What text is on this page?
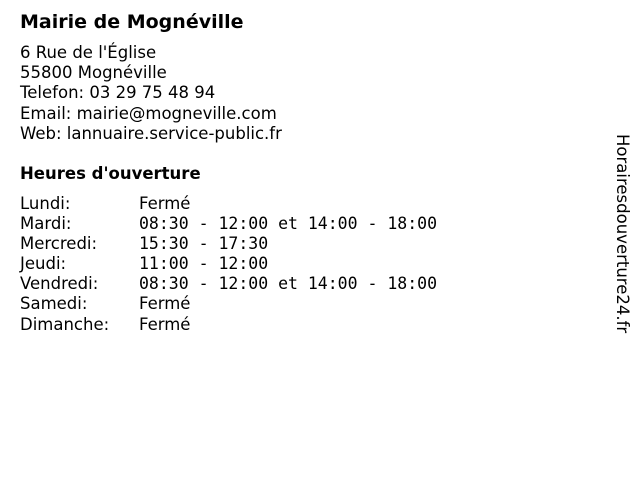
Mairie de Mognéville
6 Rue de l'Église
55800 Mognéville
Telefon: 03 29 75 48 94
Email: mairie@mogneville.com
Web: lannuaire.service-public.fr
Heures d'ouverture
Lundi:	Fermé
Mardi:	08:30 - 12:00 et 14:00 - 18:00
Mercredi:	15:30 - 17:30
Jeudi:	11:00 - 12:00
Vendredi: 08:30 - 12:00 et 14:00 - 18:00
Samedi:	Fermé
Dimanche: Fermé	Horairesdouverture24.fr
